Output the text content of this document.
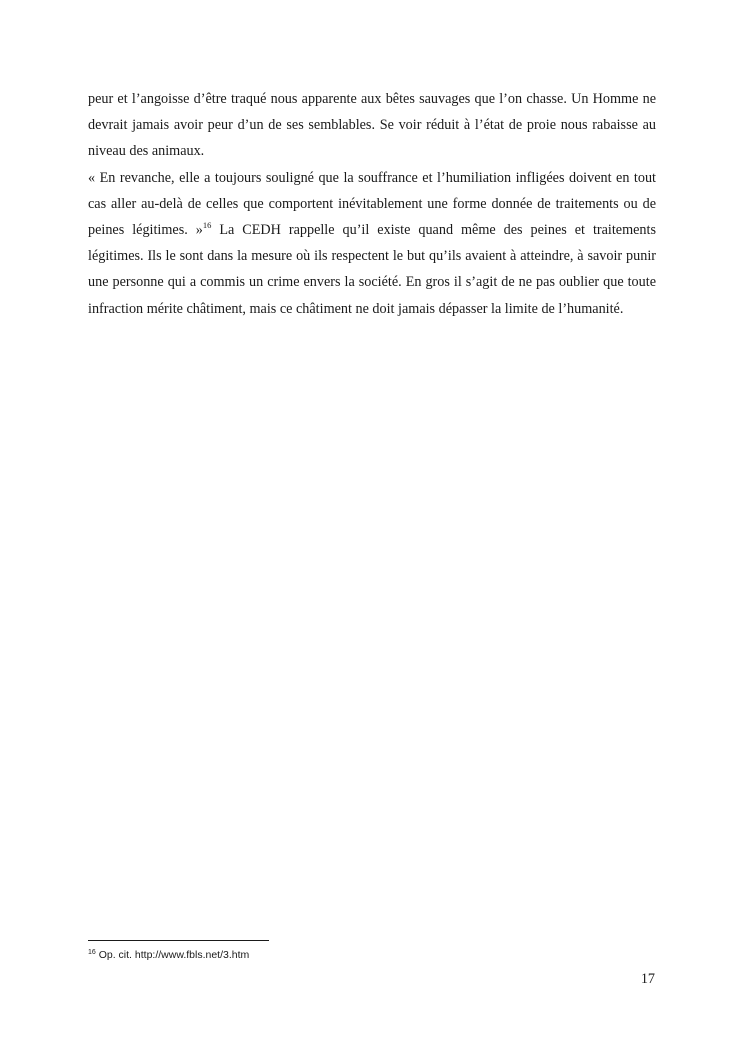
peur et l’angoisse d’être traqué nous apparente aux bêtes sauvages que l’on chasse. Un Homme ne devrait jamais avoir peur d’un de ses semblables. Se voir réduit à l’état de proie nous rabaisse au niveau des animaux.

« En revanche, elle a toujours souligné que la souffrance et l’humiliation infligées doivent en tout cas aller au-delà de celles que comportent inévitablement une forme donnée de traitements ou de peines légitimes. »$^{16}$ La CEDH rappelle qu’il existe quand même des peines et traitements légitimes. Ils le sont dans la mesure où ils respectent le but qu’ils avaient à atteindre, à savoir punir une personne qui a commis un crime envers la société. En gros il s’agit de ne pas oublier que toute infraction mérite châtiment, mais ce châtiment ne doit jamais dépasser la limite de l’humanité.

$^{16}$ Op. cit. http://www.fbls.net/3.htm
17
